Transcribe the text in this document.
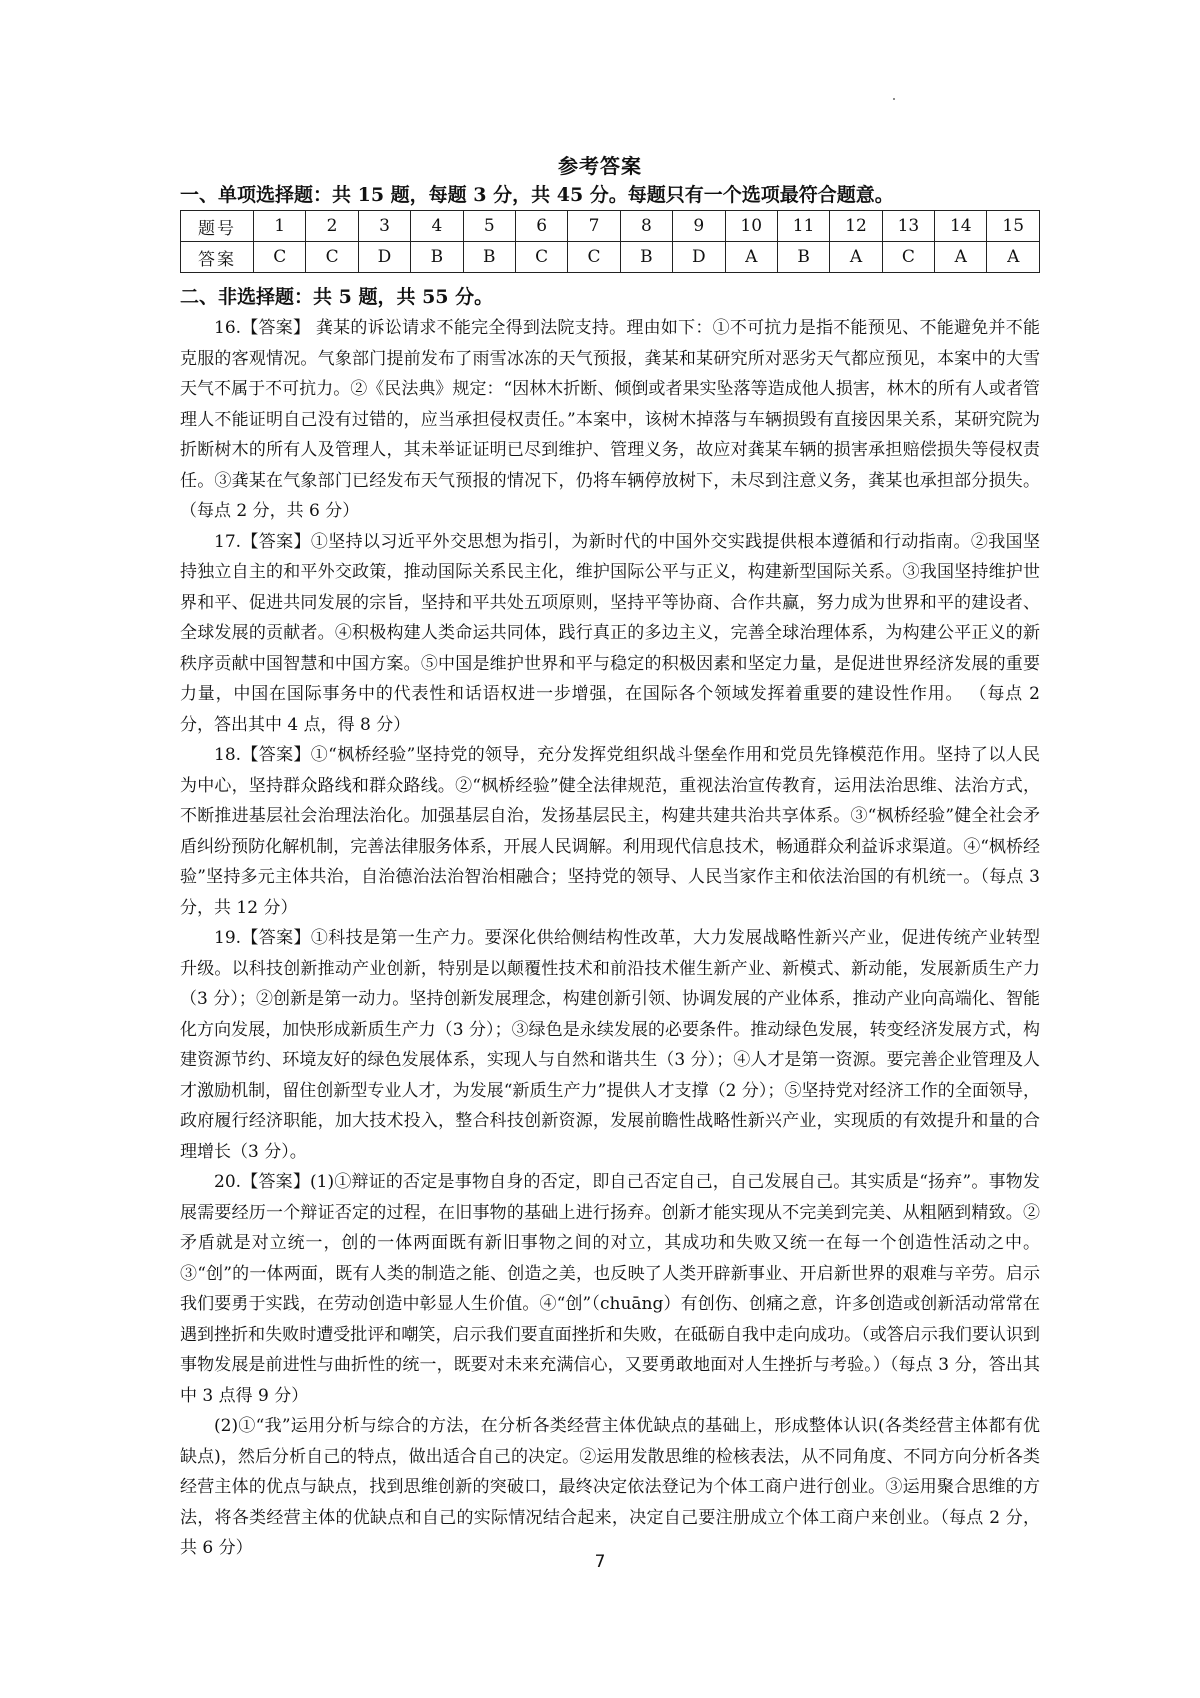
参考答案
一、单项选择题：共 15 题，每题 3 分，共 45 分。每题只有一个选项最符合题意。
题号	1	2	3	4	5	6	7	8	9	10	11	12	13	14	15
答案	C	C	D	B	B	C	C	B	D	A	B	A	C	A	A
二、非选择题：共 5 题，共 55 分。

16.【答案】 龚某的诉讼请求不能完全得到法院支持。理由如下：①不可抗力是指不能预见、不能避免并不能克服的客观情况。气象部门提前发布了雨雪冰冻的天气预报，龚某和某研究所对恶劣天气都应预见，本案中的大雪天气不属于不可抗力。②《民法典》规定：“因林木折断、倾倒或者果实坠落等造成他人损害，林木的所有人或者管理人不能证明自己没有过错的，应当承担侵权责任。”本案中，该树木掉落与车辆损毁有直接因果关系，某研究院为折断树木的所有人及管理人，其未举证证明已尽到维护、管理义务，故应对龚某车辆的损害承担赔偿损失等侵权责任。③龚某在气象部门已经发布天气预报的情况下，仍将车辆停放树下，未尽到注意义务，龚某也承担部分损失。（每点 2 分，共 6 分）

17.【答案】①坚持以习近平外交思想为指引，为新时代的中国外交实践提供根本遵循和行动指南。②我国坚持独立自主的和平外交政策，推动国际关系民主化，维护国际公平与正义，构建新型国际关系。③我国坚持维护世界和平、促进共同发展的宗旨，坚持和平共处五项原则，坚持平等协商、合作共赢，努力成为世界和平的建设者、全球发展的贡献者。④积极构建人类命运共同体，践行真正的多边主义，完善全球治理体系，为构建公平正义的新秩序贡献中国智慧和中国方案。⑤中国是维护世界和平与稳定的积极因素和坚定力量，是促进世界经济发展的重要力量，中国在国际事务中的代表性和话语权进一步增强，在国际各个领域发挥着重要的建设性作用。 （每点 2 分，答出其中 4 点，得 8 分）

18.【答案】①“枫桥经验”坚持党的领导，充分发挥党组织战斗堡垒作用和党员先锋模范作用。坚持了以人民为中心，坚持群众路线和群众路线。②“枫桥经验”健全法律规范，重视法治宣传教育，运用法治思维、法治方式，不断推进基层社会治理法治化。加强基层自治，发扬基层民主，构建共建共治共享体系。③“枫桥经验”健全社会矛盾纠纷预防化解机制，完善法律服务体系，开展人民调解。利用现代信息技术，畅通群众利益诉求渠道。④“枫桥经验”坚持多元主体共治，自治德治法治智治相融合；坚持党的领导、人民当家作主和依法治国的有机统一。（每点 3 分，共 12 分）

19.【答案】①科技是第一生产力。要深化供给侧结构性改革，大力发展战略性新兴产业，促进传统产业转型升级。以科技创新推动产业创新，特别是以颠覆性技术和前沿技术催生新产业、新模式、新动能，发展新质生产力（3 分）；②创新是第一动力。坚持创新发展理念，构建创新引领、协调发展的产业体系，推动产业向高端化、智能化方向发展，加快形成新质生产力（3 分）；③绿色是永续发展的必要条件。推动绿色发展，转变经济发展方式，构建资源节约、环境友好的绿色发展体系，实现人与自然和谐共生（3 分）；④人才是第一资源。要完善企业管理及人才激励机制，留住创新型专业人才，为发展“新质生产力”提供人才支撑（2 分）；⑤坚持党对经济工作的全面领导，政府履行经济职能，加大技术投入，整合科技创新资源，发展前瞻性战略性新兴产业，实现质的有效提升和量的合理增长（3 分）。

20.【答案】(1)①辩证的否定是事物自身的否定，即自己否定自己，自己发展自己。其实质是“扬弃”。事物发展需要经历一个辩证否定的过程，在旧事物的基础上进行扬弃。创新才能实现从不完美到完美、从粗陋到精致。②矛盾就是对立统一，创的一体两面既有新旧事物之间的对立，其成功和失败又统一在每一个创造性活动之中。③“创”的一体两面，既有人类的制造之能、创造之美，也反映了人类开辟新事业、开启新世界的艰难与辛劳。启示我们要勇于实践，在劳动创造中彰显人生价值。④“创”（chuāng）有创伤、创痛之意，许多创造或创新活动常常在遇到挫折和失败时遭受批评和嘲笑，启示我们要直面挫折和失败，在砥砺自我中走向成功。（或答启示我们要认识到事物发展是前进性与曲折性的统一，既要对未来充满信心，又要勇敢地面对人生挫折与考验。）（每点 3 分，答出其中 3 点得 9 分）

(2)①“我”运用分析与综合的方法，在分析各类经营主体优缺点的基础上，形成整体认识(各类经营主体都有优缺点)，然后分析自己的特点，做出适合自己的决定。②运用发散思维的检核表法，从不同角度、不同方向分析各类经营主体的优点与缺点，找到思维创新的突破口，最终决定依法登记为个体工商户进行创业。③运用聚合思维的方法，将各类经营主体的优缺点和自己的实际情况结合起来，决定自己要注册成立个体工商户来创业。（每点 2 分，共 6 分）

7
